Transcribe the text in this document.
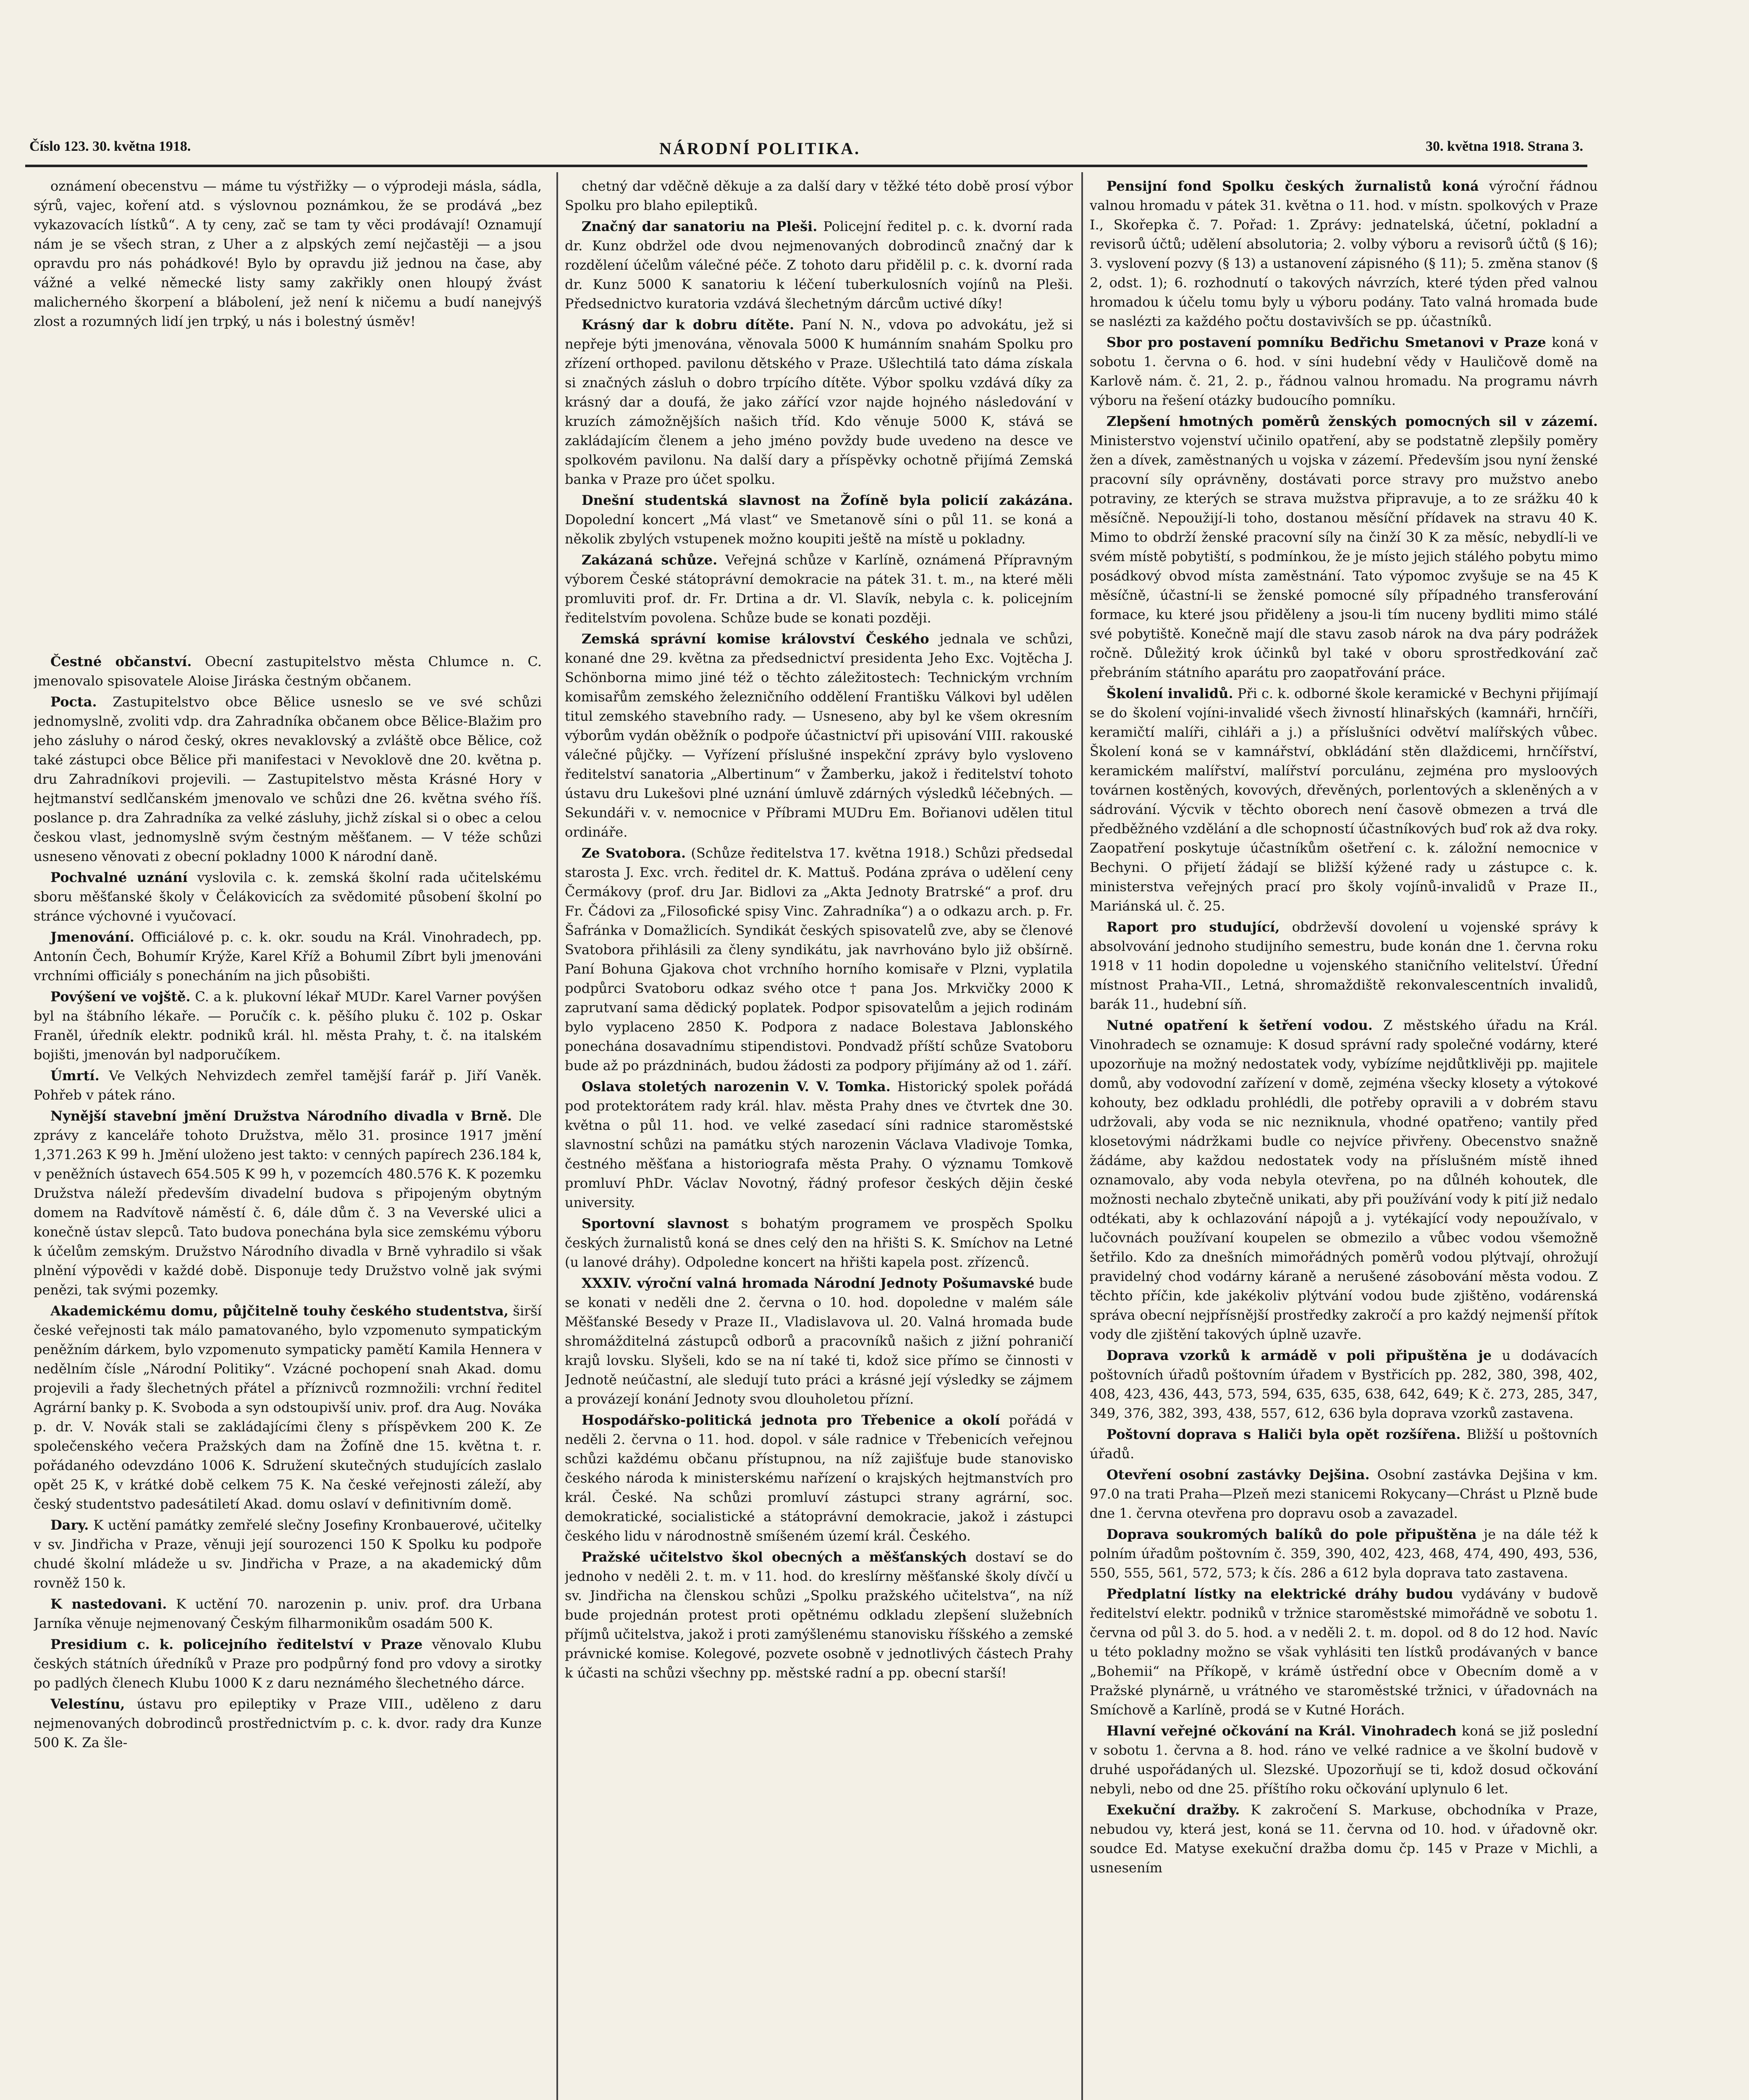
Číslo 123. 30. května 1918.	NÁRODNÍ POLITIKA.	30. května 1918. Strana 3.

oznámení obecenstvu — máme tu výstřižky — o výprodeji másla, sádla, sýrů, vajec, koření atd. s výslovnou poznámkou, že se prodává „bez vykazovacích lístků“. A ty ceny, zač se tam ty věci prodávají! Oznamují nám je se všech stran, z Uher a z alpských zemí nejčastěji — a jsou opravdu pro nás pohádkové! Bylo by opravdu již jednou na čase, aby vážné a velké německé listy samy zakřikly onen hloupý žvást malicherného škorpení a blábolení, jež není k ničemu a budí nanejvýš zlost a rozumných lidí jen trpký, u nás i bolestný úsměv!

Čestné občanství. Obecní zastupitelstvo města Chlumce n. C. jmenovalo spisovatele Aloise Jiráska čestným občanem.

Pocta. Zastupitelstvo obce Bělice usneslo se ve své schůzi jednomyslně, zvoliti vdp. dra Zahradníka občanem obce Bělice-Blažim pro jeho zásluhy o národ český, okres nevaklovský a zvláště obce Bělice, což také zástupci obce Bělice při manifestaci v Nevoklově dne 20. května p. dru Zahradníkovi projevili. — Zastupitelstvo města Krásné Hory v hejtmanství sedlčanském jmenovalo ve schůzi dne 26. května svého říš. poslance p. dra Zahradníka za velké zásluhy, jichž získal si o obec a celou českou vlast, jednomyslně svým čestným měšťanem. — V téže schůzi usneseno věnovati z obecní pokladny 1000 K národní daně.

Pochvalné uznání vyslovila c. k. zemská školní rada učitelskému sboru měšťanské školy v Čelákovicích za svědomité působení školní po stránce výchovné i vyučovací.

Jmenování. Officiálové p. c. k. okr. soudu na Král. Vinohradech, pp. Antonín Čech, Bohumír Krýže, Karel Kříž a Bohumil Zíbrt byli jmenováni vrchními officiály s ponecháním na jich působišti.

Povýšení ve vojště. C. a k. plukovní lékař MUDr. Karel Varner povýšen byl na štábního lékaře. — Poručík c. k. pěšího pluku č. 102 p. Oskar Franěl, úředník elektr. podniků král. hl. města Prahy, t. č. na italském bojišti, jmenován byl nadporučíkem.

Úmrtí. Ve Velkých Nehvizdech zemřel tamější farář p. Jiří Vaněk. Pohřeb v pátek ráno.

Nynější stavební jmění Družstva Národního divadla v Brně. Dle zprávy z kanceláře tohoto Družstva, mělo 31. prosince 1917 jmění 1,371.263 K 99 h. Jmění uloženo jest takto: v cenných papírech 236.184 k, v peněžních ústavech 654.505 K 99 h, v pozemcích 480.576 K. K pozemku Družstva náleží především divadelní budova s připojeným obytným domem na Radvítově náměstí č. 6, dále dům č. 3 na Veverské ulici a konečně ústav slepců. Tato budova ponechána byla sice zemskému výboru k účelům zemským. Družstvo Národního divadla v Brně vyhradilo si však plnění výpovědi v každé době. Disponuje tedy Družstvo volně jak svými penězi, tak svými pozemky.

Akademickému domu, půjčitelně touhy českého studentstva, širší české veřejnosti tak málo pamatovaného, bylo vzpomenuto sympatickým peněžním dárkem, bylo vzpomenuto sympaticky pamětí Kamila Hennera v nedělním čísle „Národní Politiky“. Vzácné pochopení snah Akad. domu projevili a řady šlechetných přátel a příznivců rozmnožili: vrchní ředitel Agrární banky p. K. Svoboda a syn odstoupivší univ. prof. dra Aug. Nováka p. dr. V. Novák stali se zakládajícími členy s příspěvkem 200 K. Ze společenského večera Pražských dam na Žofíně dne 15. května t. r. pořádaného odevzdáno 1006 K. Sdružení skutečných studujících zaslalo opět 25 K, v krátké době celkem 75 K. Na české veřejnosti záleží, aby český studentstvo padesátiletí Akad. domu oslaví v definitivním domě.

Dary. K uctění památky zemřelé slečny Josefiny Kronbauerové, učitelky v sv. Jindřicha v Praze, věnuji její sourozenci 150 K Spolku ku podpoře chudé školní mládeže u sv. Jindřicha v Praze, a na akademický dům rovněž 150 k.

K nastedovani. K uctění 70. narozenin p. univ. prof. dra Urbana Jarníka věnuje nejmenovaný Českým filharmonikům osadám 500 K.

Presidium c. k. policejního ředitelství v Praze věnovalo Klubu českých státních úředníků v Praze pro podpůrný fond pro vdovy a sirotky po padlých členech Klubu 1000 K z daru neznámého šlechetného dárce.

Velestínu, ústavu pro epileptiky v Praze VIII., uděleno z daru nejmenovaných dobrodinců prostřednictvím p. c. k. dvor. rady dra Kunze 500 K. Za šle-

chetný dar vděčně děkuje a za další dary v těžké této době prosí výbor Spolku pro blaho epileptiků.

Značný dar sanatoriu na Pleši. Policejní ředitel p. c. k. dvorní rada dr. Kunz obdržel ode dvou nejmenovaných dobrodinců značný dar k rozdělení účelům válečné péče. Z tohoto daru přidělil p. c. k. dvorní rada dr. Kunz 5000 K sanatoriu k léčení tuberkulosních vojínů na Pleši. Předsednictvo kuratoria vzdává šlechetným dárcům uctivé díky!

Krásný dar k dobru dítěte. Paní N. N., vdova po advokátu, jež si nepřeje býti jmenována, věnovala 5000 K humánním snahám Spolku pro zřízení orthoped. pavilonu dětského v Praze. Ušlechtilá tato dáma získala si značných zásluh o dobro trpícího dítěte. Výbor spolku vzdává díky za krásný dar a doufá, že jako zářící vzor najde hojného následování v kruzích zámožnějších našich tříd. Kdo věnuje 5000 K, stává se zakládajícím členem a jeho jméno povždy bude uvedeno na desce ve spolkovém pavilonu. Na další dary a příspěvky ochotně přijímá Zemská banka v Praze pro účet spolku.

Dnešní studentská slavnost na Žofíně byla policií zakázána. Dopolední koncert „Má vlast“ ve Smetanově síni o půl 11. se koná a několik zbylých vstupenek možno koupiti ještě na místě u pokladny.

Zakázaná schůze. Veřejná schůze v Karlíně, oznámená Přípravným výborem České státoprávní demokracie na pátek 31. t. m., na které měli promluviti prof. dr. Fr. Drtina a dr. Vl. Slavík, nebyla c. k. policejním ředitelstvím povolena. Schůze bude se konati později.

Zemská správní komise království Českého jednala ve schůzi, konané dne 29. května za předsednictví presidenta Jeho Exc. Vojtěcha J. Schönborna mimo jiné též o těchto záležitostech: Technickým vrchním komisařům zemského železničního oddělení Františku Válkovi byl udělen titul zemského stavebního rady. — Usneseno, aby byl ke všem okresním výborům vydán oběžník o podpoře účastnictví při upisování VIII. rakouské válečné půjčky. — Vyřízení příslušné inspekční zprávy bylo vysloveno ředitelství sanatoria „Albertinum“ v Žamberku, jakož i ředitelství tohoto ústavu dru Lukešovi plné uznání úmluvě zdárných výsledků léčebných. — Sekundáři v. v. nemocnice v Příbrami MUDru Em. Bořianovi udělen titul ordináře.

Ze Svatobora. (Schůze ředitelstva 17. května 1918.) Schůzi předsedal starosta J. Exc. vrch. ředitel dr. K. Mattuš. Podána zpráva o udělení ceny Čermákovy (prof. dru Jar. Bidlovi za „Akta Jednoty Bratrské“ a prof. dru Fr. Čádovi za „Filosofické spisy Vinc. Zahradníka“) a o odkazu arch. p. Fr. Šafránka v Domažlicích. Syndikát českých spisovatelů zve, aby se členové Svatobora přihlásili za členy syndikátu, jak navrhováno bylo již obšírně. Paní Bohuna Gjakova chot vrchního horního komisaře v Plzni, vyplatila podpůrci Svatoboru odkaz svého otce † pana Jos. Mrkvičky 2000 K zaprutvaní sama dědický poplatek. Podpor spisovatelům a jejich rodinám bylo vyplaceno 2850 K. Podpora z nadace Bolestava Jablonského ponechána dosavadnímu stipendistovi. Pondvadž příští schůze Svatoboru bude až po prázdninách, budou žádosti za podpory přijímány až od 1. září.

Oslava stoletých narozenin V. V. Tomka. Historický spolek pořádá pod protektorátem rady král. hlav. města Prahy dnes ve čtvrtek dne 30. května o půl 11. hod. ve velké zasedací síni radnice staroměstské slavnostní schůzi na památku stých narozenin Václava Vladivoje Tomka, čestného měšťana a historiografa města Prahy. O významu Tomkově promluví PhDr. Václav Novotný, řádný profesor českých dějin české university.

Sportovní slavnost s bohatým programem ve prospěch Spolku českých žurnalistů koná se dnes celý den na hřišti S. K. Smíchov na Letné (u lanové dráhy). Odpoledne koncert na hřišti kapela post. zřízenců.

XXXIV. výroční valná hromada Národní Jednoty Pošumavské bude se konati v neděli dne 2. června o 10. hod. dopoledne v malém sále Měšťanské Besedy v Praze II., Vladislavova ul. 20. Valná hromada bude shromážditelná zástupců odborů a pracovníků našich z jižní pohraničí krajů lovsku. Slyšeli, kdo se na ní také ti, kdož sice přímo se činnosti v Jednotě neúčastní, ale sledují tuto práci a krásné její výsledky se zájmem a provázejí konání Jednoty svou dlouholetou přízní.

Hospodářsko-politická jednota pro Třebenice a okolí pořádá v neděli 2. června o 11. hod. dopol. v sále radnice v Třebenicích veřejnou schůzi každému občanu přístupnou, na níž zajišťuje bude stanovisko českého národa k ministerskému nařízení o krajských hejtmanstvích pro král. České. Na schůzi promluví zástupci strany agrární, soc. demokratické, socialistické a státoprávní demokracie, jakož i zástupci českého lidu v národnostně smíšeném území král. Českého.

Pražské učitelstvo škol obecných a měšťanských dostaví se do jednoho v neděli 2. t. m. v 11. hod. do kreslírny měšťanské školy dívčí u sv. Jindřicha na členskou schůzi „Spolku pražského učitelstva“, na níž bude projednán protest proti opětnému odkladu zlepšení služebních příjmů učitelstva, jakož i proti zamýšlenému stanovisku říšského a zemské právnické komise. Kolegové, pozvete osobně v jednotlivých částech Prahy k účasti na schůzi všechny pp. městské radní a pp. obecní starší!

Pensijní fond Spolku českých žurnalistů koná výroční řádnou valnou hromadu v pátek 31. května o 11. hod. v místn. spolkových v Praze I., Skořepka č. 7. Pořad: 1. Zprávy: jednatelská, účetní, pokladní a revisorů účtů; udělení absolutoria; 2. volby výboru a revisorů účtů (§ 16); 3. vyslovení pozvy (§ 13) a ustanovení zápisného (§ 11); 5. změna stanov (§ 2, odst. 1); 6. rozhodnutí o takových návrzích, které týden před valnou hromadou k účelu tomu byly u výboru podány. Tato valná hromada bude se naslézti za každého počtu dostavivších se pp. účastníků.

Sbor pro postavení pomníku Bedřichu Smetanovi v Praze koná v sobotu 1. června o 6. hod. v síni hudební vědy v Hauličově domě na Karlově nám. č. 21, 2. p., řádnou valnou hromadu. Na programu návrh výboru na řešení otázky budoucího pomníku.

Zlepšení hmotných poměrů ženských pomocných sil v zázemí. Ministerstvo vojenství učinilo opatření, aby se podstatně zlepšily poměry žen a dívek, zaměstnaných u vojska v zázemí. Především jsou nyní ženské pracovní síly oprávněny, dostávati porce stravy pro mužstvo anebo potraviny, ze kterých se strava mužstva připravuje, a to ze srážku 40 k měsíčně. Nepoužijí-li toho, dostanou měsíční přídavek na stravu 40 K. Mimo to obdrží ženské pracovní síly na činží 30 K za měsíc, nebydlí-li ve svém místě pobytiští, s podmínkou, že je místo jejich stálého pobytu mimo posádkový obvod místa zaměstnání. Tato výpomoc zvyšuje se na 45 K měsíčně, účastní-li se ženské pomocné síly případného transferování formace, ku které jsou přiděleny a jsou-li tím nuceny bydliti mimo stálé své pobytiště. Konečně mají dle stavu zasob nárok na dva páry podrážek ročně. Důležitý krok účinků byl také v oboru sprostředkování zač přebráním státního aparátu pro zaopatřování práce.

Školení invalidů. Při c. k. odborné škole keramické v Bechyni přijímají se do školení vojíni-invalidé všech živností hlinařských (kamnáři, hrnčíři, keramičtí malíři, cihláři a j.) a příslušníci odvětví malířských vůbec. Školení koná se v kamnářství, obkládání stěn dlaždicemi, hrnčířství, keramickém malířství, malířství porculánu, zejména pro mysloových továrnen kostěných, kovových, dřevěných, porlentových a skleněných a v sádrování. Výcvik v těchto oborech není časově obmezen a trvá dle předběžného vzdělání a dle schopností účastníkových buď rok až dva roky. Zaopatření poskytuje účastníkům ošetření c. k. záložní nemocnice v Bechyni. O přijetí žádají se bližší kýžené rady u zástupce c. k. ministerstva veřejných prací pro školy vojínů-invalidů v Praze II., Mariánská ul. č. 25.

Raport pro studující, obdrževší dovolení u vojenské správy k absolvování jednoho studijního semestru, bude konán dne 1. června roku 1918 v 11 hodin dopoledne u vojenského staničního velitelství. Úřední místnost Praha-VII., Letná, shromaždiště rekonvalescentních invalidů, barák 11., hudební síň.

Nutné opatření k šetření vodou. Z městského úřadu na Král. Vinohradech se oznamuje: K dosud správní rady společné vodárny, které upozorňuje na možný nedostatek vody, vybízíme nejdůtklivěji pp. majitele domů, aby vodovodní zařízení v domě, zejména všecky klosety a výtokové kohouty, bez odkladu prohlédli, dle potřeby opravili a v dobrém stavu udržovali, aby voda se nic nezniknula, vhodné opatřeno; vantily před klosetovými nádržkami budle co nejvíce přivřeny. Obecenstvo snažně žádáme, aby každou nedostatek vody na příslušném místě ihned oznamovalo, aby voda nebyla otevřena, po na důlnéh kohoutek, dle možnosti nechalo zbytečně unikati, aby při používání vody k pití již nedalo odtékati, aby k ochlazování nápojů a j. vytékající vody nepoužívalo, v lučovnách používaní koupelen se obmezilo a vůbec vodou všemožně šetřilo. Kdo za dnešních mimořádných poměrů vodou plýtvají, ohrožují pravidelný chod vodárny káraně a nerušené zásobování města vodou. Z těchto příčin, kde jakékoliv plýtvání vodou bude zjištěno, vodárenská správa obecní nejpřísnější prostředky zakročí a pro každý nejmenší přítok vody dle zjištění takových úplně uzavře.

Doprava vzorků k armádě v poli připuštěna je u dodávacích poštovních úřadů poštovním úřadem v Bystřicích pp. 282, 380, 398, 402, 408, 423, 436, 443, 573, 594, 635, 635, 638, 642, 649; K č. 273, 285, 347, 349, 376, 382, 393, 438, 557, 612, 636 byla doprava vzorků zastavena.

Poštovní doprava s Haliči byla opět rozšířena. Bližší u poštovních úřadů.

Otevření osobní zastávky Dejšina. Osobní zastávka Dejšina v km. 97.0 na trati Praha—Plzeň mezi stanicemi Rokycany—Chrást u Plzně bude dne 1. června otevřena pro dopravu osob a zavazadel.

Doprava soukromých balíků do pole připuštěna je na dále též k polním úřadům poštovním č. 359, 390, 402, 423, 468, 474, 490, 493, 536, 550, 555, 561, 572, 573; k čís. 286 a 612 byla doprava tato zastavena.

Předplatní lístky na elektrické dráhy budou vydávány v budově ředitelství elektr. podniků v tržnice staroměstské mimořádně ve sobotu 1. června od půl 3. do 5. hod. a v neděli 2. t. m. dopol. od 8 do 12 hod. Navíc u této pokladny možno se však vyhlásiti ten lístků prodávaných v bance „Bohemii“ na Příkopě, v krámě ústřední obce v Obecním domě a v Pražské plynárně, u vrátného ve staroměstské tržnici, v úřadovnách na Smíchově a Karlíně, prodá se v Kutné Horách.

Hlavní veřejné očkování na Král. Vinohradech koná se již poslední v sobotu 1. června a 8. hod. ráno ve velké radnice a ve školní budově v druhé uspořádaných ul. Slezské. Upozorňují se ti, kdož dosud očkování nebyli, nebo od dne 25. příštího roku očkování uplynulo 6 let.

Exekuční dražby. K zakročení S. Markuse, obchodníka v Praze, nebudou vy, která jest, koná se 11. června od 10. hod. v úřadovně okr. soudce Ed. Matyse exekuční dražba domu čp. 145 v Praze v Michli, a usnesením
